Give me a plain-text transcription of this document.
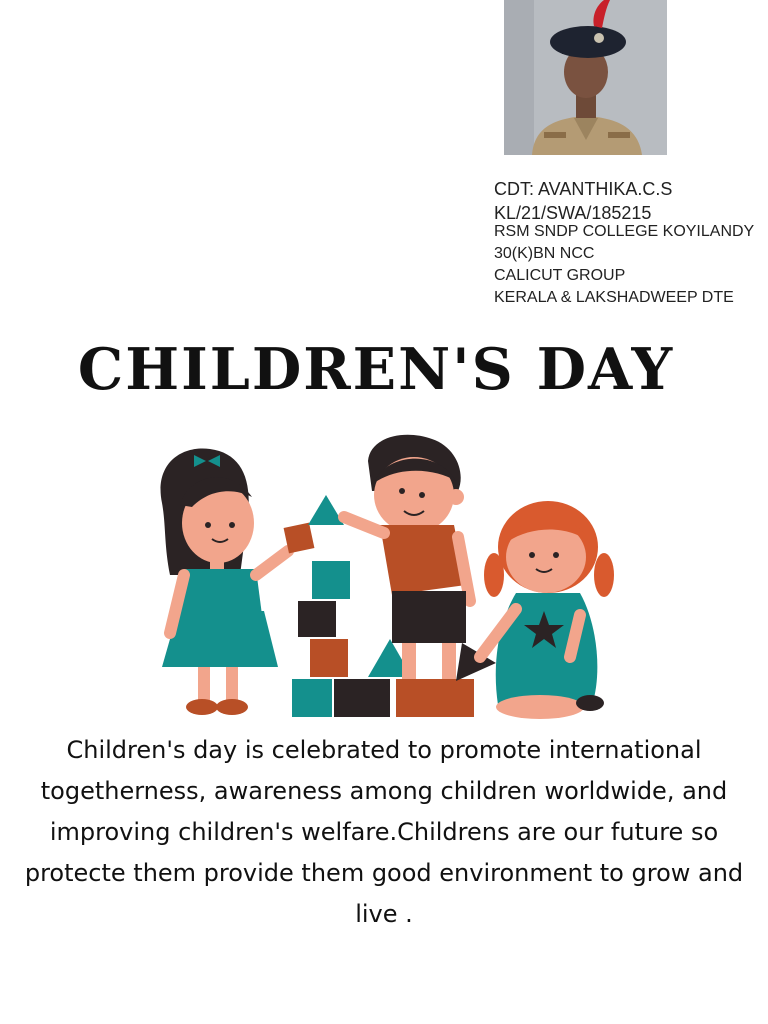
CDT: AVANTHIKA.C.S
KL/21/SWA/185215
RSM SNDP COLLEGE KOYILANDY
30(K)BN NCC
CALICUT GROUP
KERALA & LAKSHADWEEP DTE
CHILDREN'S DAY
Children's day is celebrated to promote international togetherness, awareness among children worldwide, and improving children's welfare.Childrens are our future so protecte them provide them good environment to grow and live .
